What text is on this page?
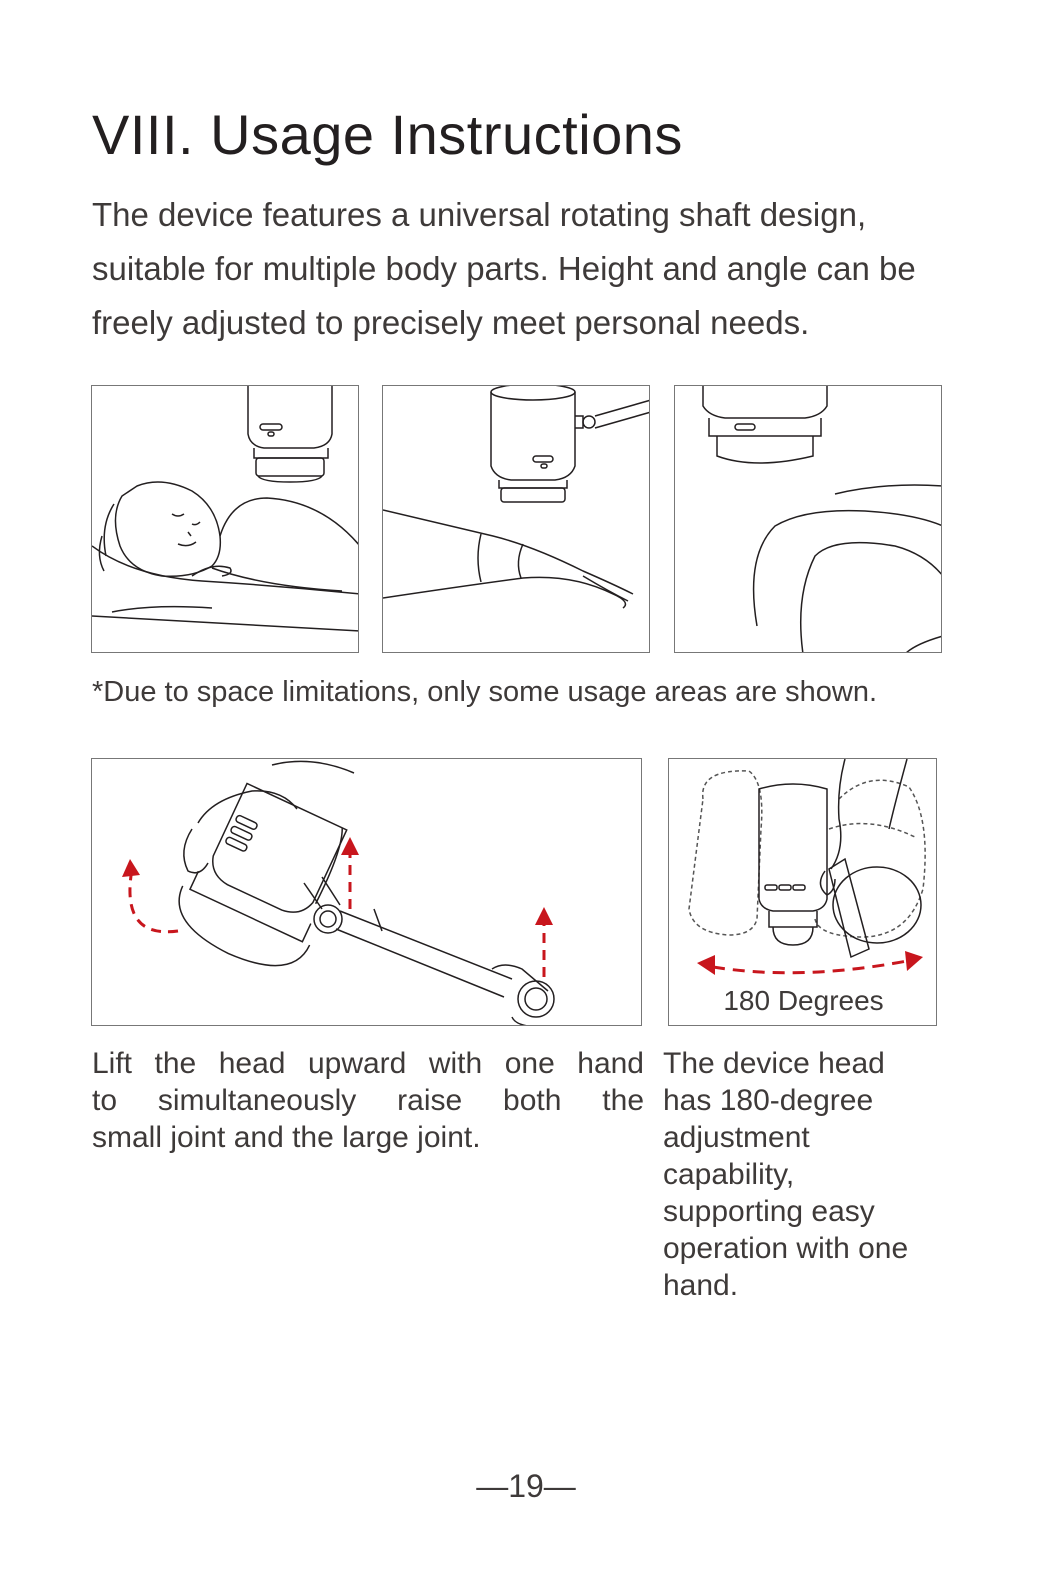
VIII. Usage Instructions
The device features a universal rotating shaft design, suitable for multiple body parts. Height and angle can be freely adjusted to precisely meet personal needs.
*Due to space limitations, only some usage areas are shown.
180 Degrees
Lift the head upward with one hand
to simultaneously raise both the
small joint and the large joint.
The device head has 180-degree adjustment capability, supporting easy operation with one hand.
—19—
